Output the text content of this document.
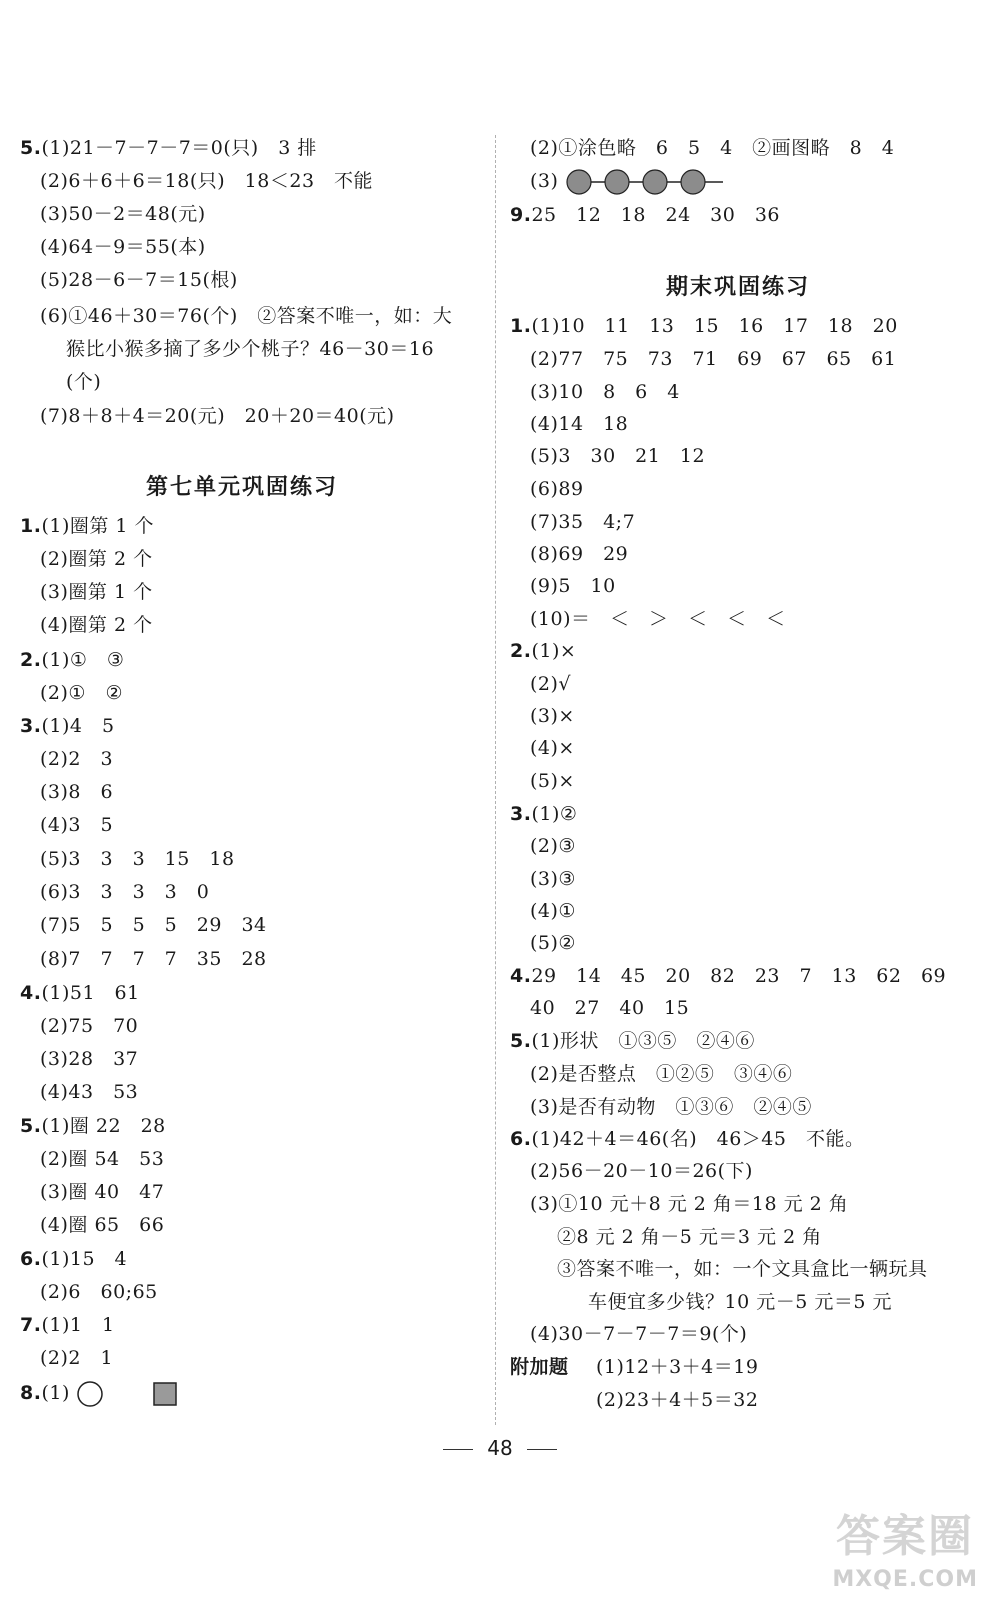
5.(1)21－7－7－7＝0(只)　3 排
(2)6＋6＋6＝18(只)　18＜23　不能
(3)50－2＝48(元)
(4)64－9＝55(本)
(5)28－6－7＝15(根)
(6)①46＋30＝76(个)　②答案不唯一，如：大
猴比小猴多摘了多少个桃子？46－30＝16
(个)
(7)8＋8＋4＝20(元)　20＋20＝40(元)
第七单元巩固练习
1.(1)圈第 1 个
(2)圈第 2 个
(3)圈第 1 个
(4)圈第 2 个
2.(1)①　③
(2)①　②
3.(1)4　5
(2)2　3
(3)8　6
(4)3　5
(5)3　3　3　15　18
(6)3　3　3　3　0
(7)5　5　5　5　29　34
(8)7　7　7　7　35　28
4.(1)51　61
(2)75　70
(3)28　37
(4)43　53
5.(1)圈 22　28
(2)圈 54　53
(3)圈 40　47
(4)圈 65　66
6.(1)15　4
(2)6　60;65
7.(1)1　1
(2)2　1
8.(1)
(2)①涂色略　6　5　4　②画图略　8　4
(3)
9.25　12　18　24　30　36
期末巩固练习
1.(1)10　11　13　15　16　17　18　20
(2)77　75　73　71　69　67　65　61
(3)10　8　6　4
(4)14　18
(5)3　30　21　12
(6)89
(7)35　4;7
(8)69　29
(9)5　10
(10)＝　＜　＞　＜　＜　＜
2.(1)×
(2)√
(3)×
(4)×
(5)×
3.(1)②
(2)③
(3)③
(4)①
(5)②
4.29　14　45　20　82　23　7　13　62　69
40　27　40　15
5.(1)形状　①③⑤　②④⑥
(2)是否整点　①②⑤　③④⑥
(3)是否有动物　①③⑥　②④⑤
6.(1)42＋4＝46(名)　46＞45　不能。
(2)56－20－10＝26(下)
(3)①10 元＋8 元 2 角＝18 元 2 角
②8 元 2 角－5 元＝3 元 2 角
③答案不唯一，如：一个文具盒比一辆玩具
车便宜多少钱？10 元－5 元＝5 元
(4)30－7－7－7＝9(个)
附加题 (1)12＋3＋4＝19
(2)23＋4＋5＝32
48
答案圈
MXQE.COM
